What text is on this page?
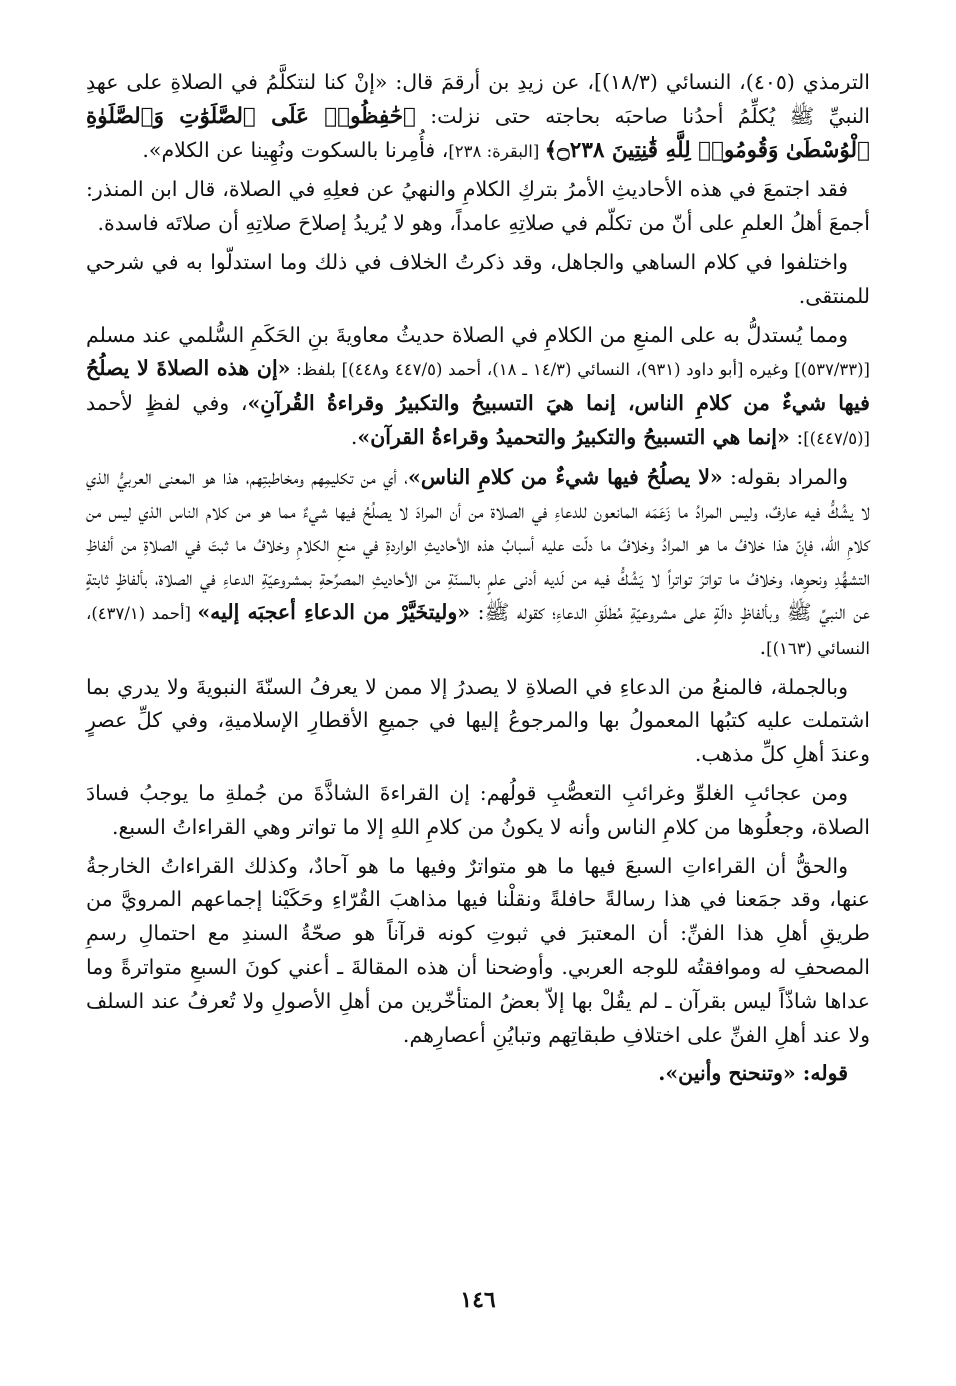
الترمذي (٤٠٥)، النسائي (١٨/٣)]، عن زيدِ بن أرقمَ قال: «إنْ كنا لنتكلَّمُ في الصلاةِ على عهدِ النبيِّ ﷺ يُكلِّمُ أحدُنا صاحبَه بحاجته حتى نزلت: ﴿حَٰفِظُوا۟ عَلَى ٱلصَّلَوَٰتِ وَٱلصَّلَوٰةِ ٱلْوُسْطَىٰ وَقُومُوا۟ لِلَّهِ قَٰنِتِينَ ۝٢٣٨﴾ [البقرة: ٢٣٨]، فأُمِرنا بالسكوت ونُهِينا عن الكلام».

فقد اجتمعَ في هذه الأحاديثِ الأمرُ بتركِ الكلامِ والنهيُ عن فعلِهِ في الصلاة، قال ابن المنذر: أجمعَ أهلُ العلمِ على أنّ من تكلّم في صلاتِهِ عامداً، وهو لا يُريدُ إصلاحَ صلاتِهِ أن صلاتَه فاسدة.

واختلفوا في كلام الساهي والجاهل، وقد ذكرتُ الخلاف في ذلك وما استدلّوا به في شرحي للمنتقى.

ومما يُستدلُّ به على المنعِ من الكلامِ في الصلاة حديثُ معاويةَ بنِ الحَكَمِ السُّلمي عند مسلم [(٥٣٧/٣٣)] وغيره [أبو داود (٩٣١)، النسائي (١٤/٣ ـ ١٨)، أحمد (٤٤٧/٥ و٤٤٨)] بلفظ: «إن هذه الصلاةَ لا يصلُحُ فيها شيءٌ من كلامِ الناس، إنما هيَ التسبيحُ والتكبيرُ وقراءةُ القُرآنِ»، وفي لفظٍ لأحمد [(٤٤٧/٥)]: «إنما هي التسبيحُ والتكبيرُ والتحميدُ وقراءةُ القرآن».

والمراد بقوله: «لا يصلُحُ فيها شيءٌ من كلامِ الناس»، أي من تكليمِهم ومخاطبتِهم، هذا هو المعنى العربيُّ الذي لا يشُكُّ فيه عارفٌ، وليس المرادُ ما زَعَمَه المانعون للدعاءِ في الصلاة من أن المرادَ لا يصلُحُ فيها شيءٌ مما هو من كلام الناس الذي ليس من كلامِ الله، فإنّ هذا خلافُ ما هو المرادُ وخلافُ ما دلّت عليه أسبابُ هذه الأحاديثِ الواردةِ في منعِ الكلامِ وخلافُ ما ثبتَ في الصلاةِ من ألفاظِ التشهُّدِ ونحوِها، وخلافُ ما تواترَ تواتراً لا يَشُكُّ فيه من لَديه أدنى علمٍ بالسنّةِ من الأحاديثِ المصرِّحةِ بمشروعيّةِ الدعاءِ في الصلاة، بألفاظٍ ثابتةٍ عن النبيِّ ﷺ وبألفاظٍ دالّةٍ على مشروعيّةِ مُطلَقِ الدعاءِ؛ كقوله ﷺ: «وليتخَيَّرْ من الدعاءِ أعجبَه إليه» [أحمد (٤٣٧/١)، النسائي (١٦٣)].

وبالجملة، فالمنعُ من الدعاءِ في الصلاةِ لا يصدرُ إلا ممن لا يعرفُ السنّةَ النبويةَ ولا يدري بما اشتملت عليه كتبُها المعمولُ بها والمرجوعُ إليها في جميعِ الأقطارِ الإسلاميةِ، وفي كلِّ عصرٍ وعندَ أهلِ كلِّ مذهب.

ومن عجائبِ الغلوِّ وغرائبِ التعصُّبِ قولُهم: إن القراءةَ الشاذَّةَ من جُملةِ ما يوجبُ فسادَ الصلاة، وجعلُوها من كلامِ الناس وأنه لا يكونُ من كلامِ اللهِ إلا ما تواتر وهي القراءاتُ السبع.

والحقُّ أن القراءاتِ السبعَ فيها ما هو متواترٌ وفيها ما هو آحادٌ، وكذلك القراءاتُ الخارجةُ عنها، وقد جمَعنا في هذا رسالةً حافلةً ونقلْنا فيها مذاهبَ القُرّاءِ وحَكَيْنا إجماعهم المرويَّ من طريقِ أهلِ هذا الفنِّ: أن المعتبرَ في ثبوتِ كونه قرآناً هو صحّةُ السندِ مع احتمالِ رسمِ المصحفِ له وموافقتُه للوجه العربي. وأوضحنا أن هذه المقالةَ ـ أعني كونَ السبعِ متواترةً وما عداها شاذّاً ليس بقرآن ـ لم يقُلْ بها إلاّ بعضُ المتأخّرين من أهلِ الأصولِ ولا تُعرفُ عند السلف ولا عند أهلِ الفنِّ على اختلافِ طبقاتِهم وتبايُنِ أعصارِهم.

قوله: «وتنحنح وأنين».

١٤٦
